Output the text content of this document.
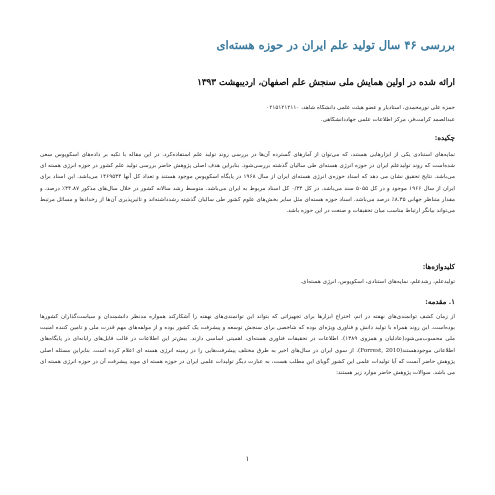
بررسی ۴۶ سال تولید علم ایران در حوزه هسته‌ای
ارائه شده در اولین همایش ملی سنجش علم اصفهان، اردیبهشت ۱۳۹۳
حمزه علی نورمحمدی، استادیار و عضو هیئت علمی دانشگاه شاهد، ۰۲۱۵۱۲۱۲۱۱۰
عبدالصمد کرامت‌فر، مرکز اطلاعات علمی جهاددانشگاهی.
چکیده:
نماپه‌های استنادی یکی از ابزارهایی هستند، که می‌توان از آمارهای گسترده آن‌ها در بررسی روند تولید علم استفاده‌کرد. در این مقاله با تکیه بر داده‌های اسکوپوس سعی شده‌است که روند تولیدعلم ایران در حوزه انرژی هسته‌ای طی سالیان گذشته بررسی‌شود. بنابراین هدف اصلی پژوهش حاضر بررسی تولید علم کشور در حوزه انرژی هسته ای می‌باشد. نتایج تحقیق نشان می دهد که اسناد حوزه‌ی انرژی هسته‌ای ایران از سال ۱۹۶۸ در پایگاه اسکوپوس موجود هستند و تعداد کل آنها ۱۴۶۹۵۳۴ می‌باشد. این اسناد برای ایران از سال ۱۹۶۶ موجود و در کل ۵۰۵۵ سند می‌باشد. در کل ۰/۳۴ کل اسناد مربوط به ایران می‌باشد. متوسط رشد سالانه کشور در خلال سال‌های مذکور ۳۴.۸۷٪ درصد، و مقدار متناظر جهانی ۸.۳۵٪ درصد می‌باشد. اسناد حوزه هسته‌ای مثل سایر بخش‌های علوم کشور طی سالیان گذشته رشدداشته‌اند و تاثیرپذیری آن‌ها از رخدادها و مسائل مرتبط می‌تواند بیانگر ارتباط مناسب میان تحقیقات و صنعت در این حوزه باشد.
کلیدواژه‌ها:
تولیدعلم، رشدعلم، نماپه‌های استنادی، اسکوپوس، انرژی هسته‌ای.
۱. مقدمه:
از زمان کشف توانمندی‌های نهفته در اتم، اختراع ابزارها برای تجهیزاتی که بتواند این توانمندی‌های نهفته را آشکارکند همواره مدنظر دانشمندان و سیاست‌گذاران کشورها بوده‌است. این روند همراه با تولید دانش و فناوری ویژه‌ای بوده که شاخصی برای سنجش توسعه و پیشرفت یک کشور بوده و از مولفه‌های مهم قدرت ملی و تامین کننده امنیت ملی محسوب‌می‌شود(عادلیان و همزوی ۱۳۸۹). اطلاعات در تحقیقات فناوری هسته‌ای، اهمیتی اساسی دارند. بیش‌تر این اطلاعات در قالب فایل‌های رایانه‌ای در پایگاه‌های اطلاعاتی موجودهستند(Forrest, 2010). از سوی ایران در سال‌های اخیر به طرق مختلف پیشرفت‌هایی را در زمینه انرژی هسته ای اعلام کرده است. بنابراین مسئله اصلی پژوهش حاضر آنست که آیا تولیدات علمی این کشور گویای این مطلب هست، به عبارت دیگر تولیدات علمی ایران در حوزه هسته ای مويد پیشرفت آن در حوزه انرژی هسته ای می باشد. سوالات پژوهش حاضر موارد زیر هستند:
۱
